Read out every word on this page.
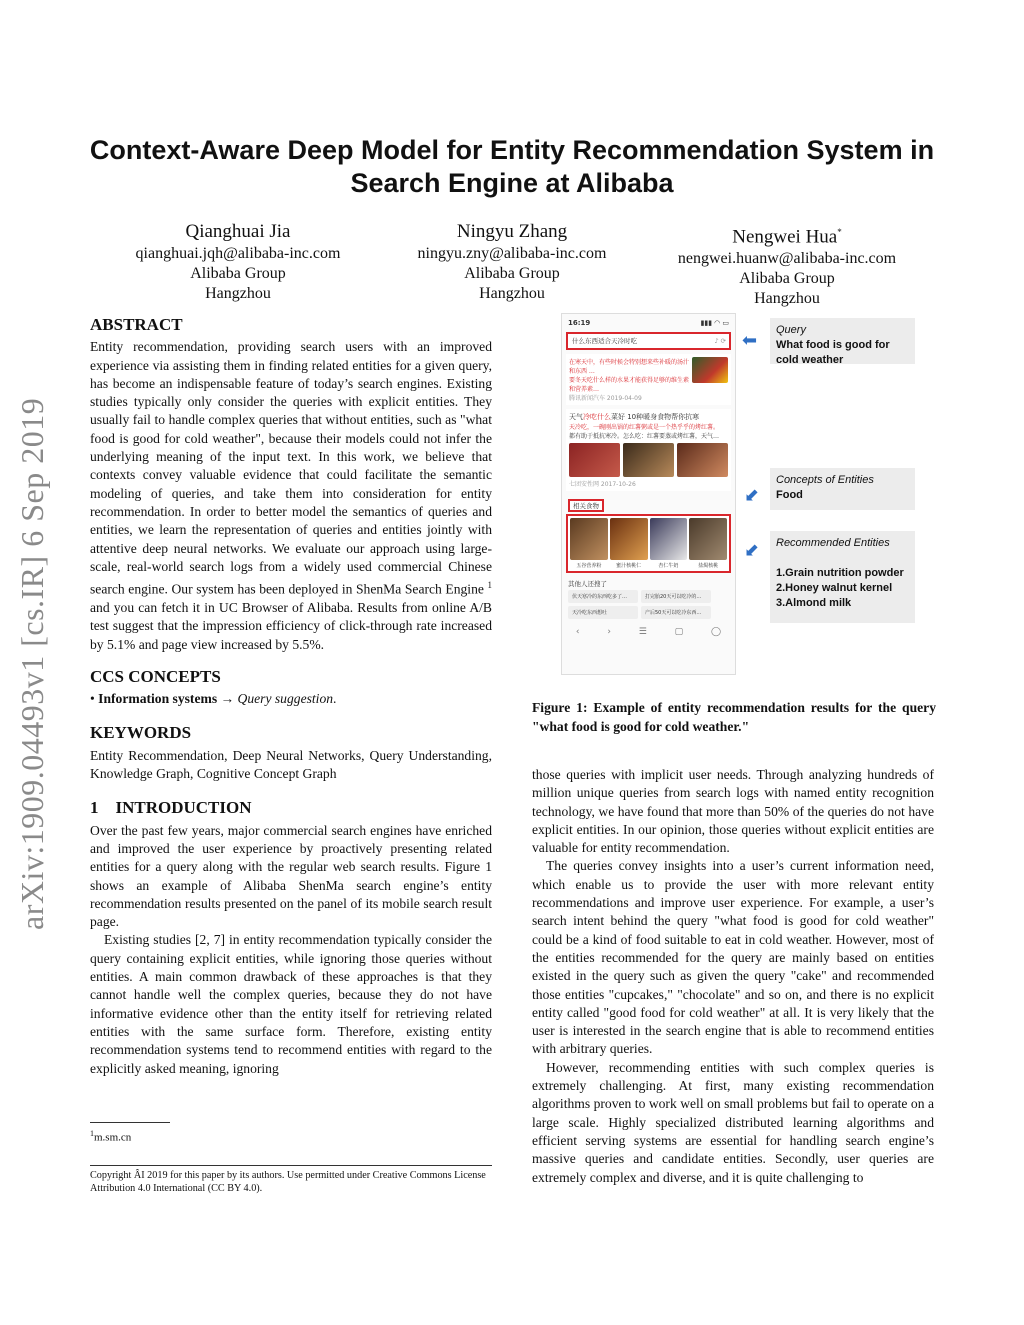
arXiv:1909.04493v1 [cs.IR] 6 Sep 2019
Context-Aware Deep Model for Entity Recommendation System in Search Engine at Alibaba
Qianghuai Jia
qianghuai.jqh@alibaba-inc.com
Alibaba Group
Hangzhou
Ningyu Zhang
ningyu.zny@alibaba-inc.com
Alibaba Group
Hangzhou
Nengwei Hua*
nengwei.huanw@alibaba-inc.com
Alibaba Group
Hangzhou
ABSTRACT

Entity recommendation, providing search users with an improved experience via assisting them in finding related entities for a given query, has become an indispensable feature of today’s search engines. Existing studies typically only consider the queries with explicit entities. They usually fail to handle complex queries that without entities, such as "what food is good for cold weather", because their models could not infer the underlying meaning of the input text. In this work, we believe that contexts convey valuable evidence that could facilitate the semantic modeling of queries, and take them into consideration for entity recommendation. In order to better model the semantics of queries and entities, we learn the representation of queries and entities jointly with attentive deep neural networks. We evaluate our approach using large-scale, real-world search logs from a widely used commercial Chinese search engine. Our system has been deployed in ShenMa Search Engine $^1$ and you can fetch it in UC Browser of Alibaba. Results from online A/B test suggest that the impression efficiency of click-through rate increased by 5.1% and page view increased by 5.5%.

CCS CONCEPTS

• Information systems → Query suggestion.

KEYWORDS

Entity Recommendation, Deep Neural Networks, Query Understanding, Knowledge Graph, Cognitive Concept Graph

1 INTRODUCTION

Over the past few years, major commercial search engines have enriched and improved the user experience by proactively presenting related entities for a query along with the regular web search results. Figure 1 shows an example of Alibaba ShenMa search engine’s entity recommendation results presented on the panel of its mobile search result page.

Existing studies [2, 7] in entity recommendation typically consider the query containing explicit entities, while ignoring those queries without entities. A main common drawback of these approaches is that they cannot handle well the complex queries, because they do not have informative evidence other than the entity itself for retrieving related entities with the same surface form. Therefore, existing entity recommendation systems tend to recommend entities with regard to the explicitly asked meaning, ignoring

$^1$m.sm.cn
Copyright ÂI 2019 for this paper by its authors. Use permitted under Creative Commons License Attribution 4.0 International (CC BY 4.0).
16:19	▮▮▮ ◠ ▭
什么东西适合天冷时吃	♪ ⟳
在寒天中，有些时候会特别想来些补暖的汤汁和东西 …
要冬天吃什么样的水果才能获得足够的维生素和营养素…
腾讯新闻汽车 2019-04-09
天气冷吃什么菜好 10种暖身食物帮你抗寒
天冷吃，一碗刚出锅的红薯粥或是一个热乎乎的烤红薯。
都有助于抵抗寒冷。怎么吃：红薯要蒸或烤红薯，天气…
七团安性网 2017-10-26
相关食物
五谷营养粉	蜜汁核桃仁	杏仁牛奶	盐焗核桃
其他人还搜了
伏天寒冷的东西吃多了…	打完胎20天可以吃冷的…
天冷吃东西想吐	产后50天可以吃冷东西…
‹	›	☰	▢	◯
⬅
⬋
⬋
Query
What food is good for cold weather
Concepts of Entities
Food
Recommended Entities
1.Grain nutrition powder
2.Honey walnut kernel
3.Almond milk
Figure 1: Example of entity recommendation results for the query "what food is good for cold weather."

those queries with implicit user needs. Through analyzing hundreds of million unique queries from search logs with named entity recognition technology, we have found that more than 50% of the queries do not have explicit entities. In our opinion, those queries without explicit entities are valuable for entity recommendation.

The queries convey insights into a user’s current information need, which enable us to provide the user with more relevant entity recommendations and improve user experience. For example, a user’s search intent behind the query "what food is good for cold weather" could be a kind of food suitable to eat in cold weather. However, most of the entities recommended for the query are mainly based on entities existed in the query such as given the query "cake" and recommended those entities "cupcakes," "chocolate" and so on, and there is no explicit entity called "good food for cold weather" at all. It is very likely that the user is interested in the search engine that is able to recommend entities with arbitrary queries.

However, recommending entities with such complex queries is extremely challenging. At first, many existing recommendation algorithms proven to work well on small problems but fail to operate on a large scale. Highly specialized distributed learning algorithms and efficient serving systems are essential for handling search engine’s massive queries and candidate entities. Secondly, user queries are extremely complex and diverse, and it is quite challenging to
